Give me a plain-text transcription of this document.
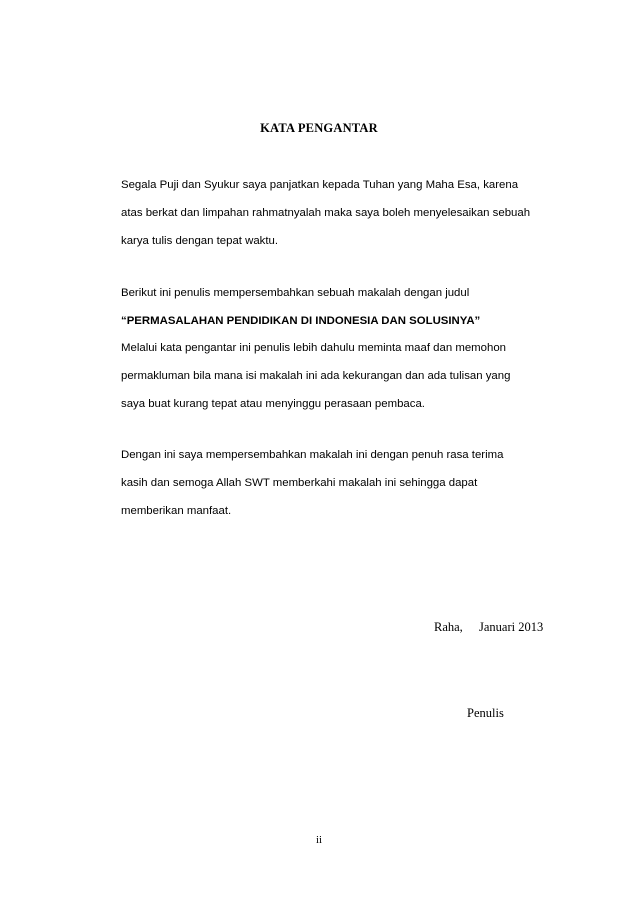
KATA PENGANTAR

Segala Puji dan Syukur saya panjatkan kepada Tuhan yang Maha Esa, karena

atas berkat dan limpahan rahmatnyalah maka saya boleh menyelesaikan sebuah

karya tulis dengan tepat waktu.

Berikut ini penulis mempersembahkan sebuah makalah dengan judul

“PERMASALAHAN PENDIDIKAN DI INDONESIA DAN SOLUSINYA”

Melalui kata pengantar ini penulis lebih dahulu meminta maaf dan memohon

permakluman bila mana isi makalah ini ada kekurangan dan ada tulisan yang

saya buat kurang tepat atau menyinggu perasaan pembaca.

Dengan ini saya mempersembahkan makalah ini dengan penuh rasa terima

kasih dan semoga Allah SWT memberkahi makalah ini sehingga dapat

memberikan manfaat.

Raha, Januari 2013

Penulis

ii
